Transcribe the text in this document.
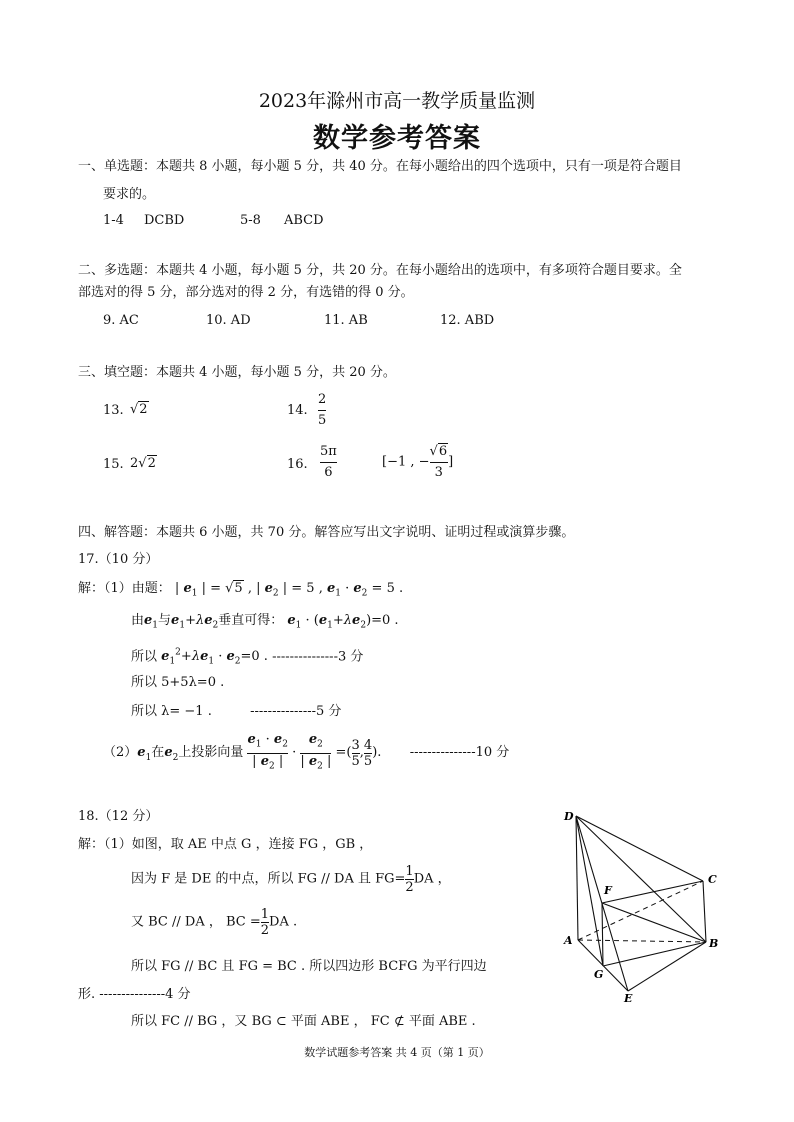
2023年滁州市高一教学质量监测
数学参考答案
一、单选题：本题共 8 小题，每小题 5 分，共 40 分。在每小题给出的四个选项中，只有一项是符合题目
要求的。
1-4 DCBD	5-8 ABCD
二、多选题：本题共 4 小题，每小题 5 分，共 20 分。在每小题给出的选项中，有多项符合题目要求。全
部选对的得 5 分，部分选对的得 2 分，有选错的得 0 分。
9. AC	10. AD	11. AB	12. ABD
三、填空题：本题共 4 小题，每小题 5 分，共 20 分。
13. √2	14. $\frac{2}{5}$
15. 2√2	16. $\frac{5\pi}{6}$	[−1 , − $\frac{√6}{3}$ ]
四、解答题：本题共 6 小题，共 70 分。解答应写出文字说明、证明过程或演算步骤。
17.（10 分）
解：（1）由题： | $e_1$ | = √5 , | $e_2$ | = 5 , $e_1 \cdot e_2 = 5$ .
由$e_1$与$e_1+\lambda e_2$垂直可得： $e_1 \cdot (e_1+\lambda e_2)=0$ .
所以 $e_1^2+\lambda e_1 \cdot e_2=0$ . ---------------3 分
所以 5+5λ=0 .
所以 λ= −1 .	---------------5 分
$(2)e_1$在$e_2$上投影向量 $\frac{e_1 \cdot e_2}{| e_2 |} \cdot \frac{e_2}{| e_2 |}$ =( $\frac{3}{5}$ , $\frac{4}{5}$ ). ---------------10 分
18.（12 分）
解：（1）如图，取 AE 中点 G ，连接 FG ，GB ，
因为 F 是 DE 的中点，所以 FG // DA 且 $FG= \frac{1}{2}$ DA ，
又 BC // DA ， BC = $\frac{1}{2}$ DA .
所以 FG // BC 且 FG = BC . 所以四边形 BCFG 为平行四边
形. ---------------4 分
所以 FC // BG ，又 BG ⊂ 平面 ABE ， FC ⊄ 平面 ABE .
D
F
C
A	B
G
E
数学试题参考答案 共 4 页（第 1 页）
